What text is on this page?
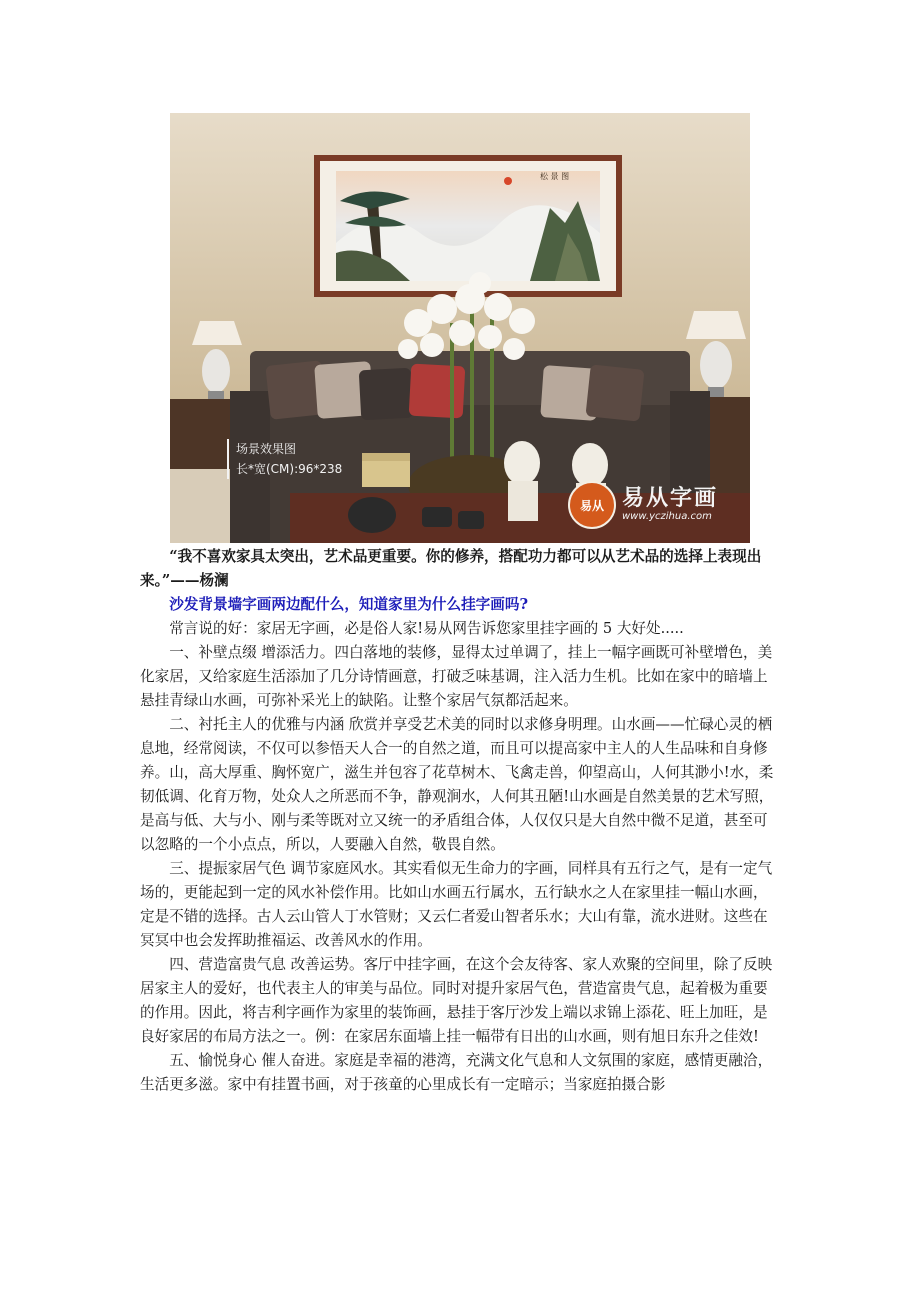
松 景 图
场景效果图
长*宽(CM):96*238
易从 易从字画
www.yczihua.com

“我不喜欢家具太突出，艺术品更重要。你的修养，搭配功力都可以从艺术品的选择上表现出来。”——杨澜

沙发背景墙字画两边配什么，知道家里为什么挂字画吗?

常言说的好：家居无字画，必是俗人家!易从网告诉您家里挂字画的 5 大好处.....

一、补壁点缀 增添活力。四白落地的装修，显得太过单调了，挂上一幅字画既可补壁增色，美化家居，又给家庭生活添加了几分诗情画意，打破乏味基调，注入活力生机。比如在家中的暗墙上悬挂青绿山水画，可弥补采光上的缺陷。让整个家居气氛都活起来。

二、衬托主人的优雅与内涵 欣赏并享受艺术美的同时以求修身明理。山水画——忙碌心灵的栖息地，经常阅读，不仅可以参悟天人合一的自然之道，而且可以提高家中主人的人生品味和自身修养。山，高大厚重、胸怀宽广，滋生并包容了花草树木、飞禽走兽，仰望高山，人何其渺小!水，柔韧低调、化育万物，处众人之所恶而不争，静观涧水，人何其丑陋!山水画是自然美景的艺术写照，是高与低、大与小、刚与柔等既对立又统一的矛盾组合体，人仅仅只是大自然中微不足道，甚至可以忽略的一个小点点，所以，人要融入自然，敬畏自然。

三、提振家居气色 调节家庭风水。其实看似无生命力的字画，同样具有五行之气，是有一定气场的，更能起到一定的风水补偿作用。比如山水画五行属水，五行缺水之人在家里挂一幅山水画，定是不错的选择。古人云山管人丁水管财；又云仁者爱山智者乐水；大山有靠，流水进财。这些在冥冥中也会发挥助推福运、改善风水的作用。

四、营造富贵气息 改善运势。客厅中挂字画，在这个会友待客、家人欢聚的空间里，除了反映居家主人的爱好，也代表主人的审美与品位。同时对提升家居气色，营造富贵气息，起着极为重要的作用。因此，将吉利字画作为家里的装饰画，悬挂于客厅沙发上端以求锦上添花、旺上加旺，是良好家居的布局方法之一。例：在家居东面墙上挂一幅带有日出的山水画，则有旭日东升之佳效!

五、愉悦身心 催人奋进。家庭是幸福的港湾，充满文化气息和人文氛围的家庭，感情更融洽，生活更多滋。家中有挂置书画，对于孩童的心里成长有一定暗示；当家庭拍摄合影
